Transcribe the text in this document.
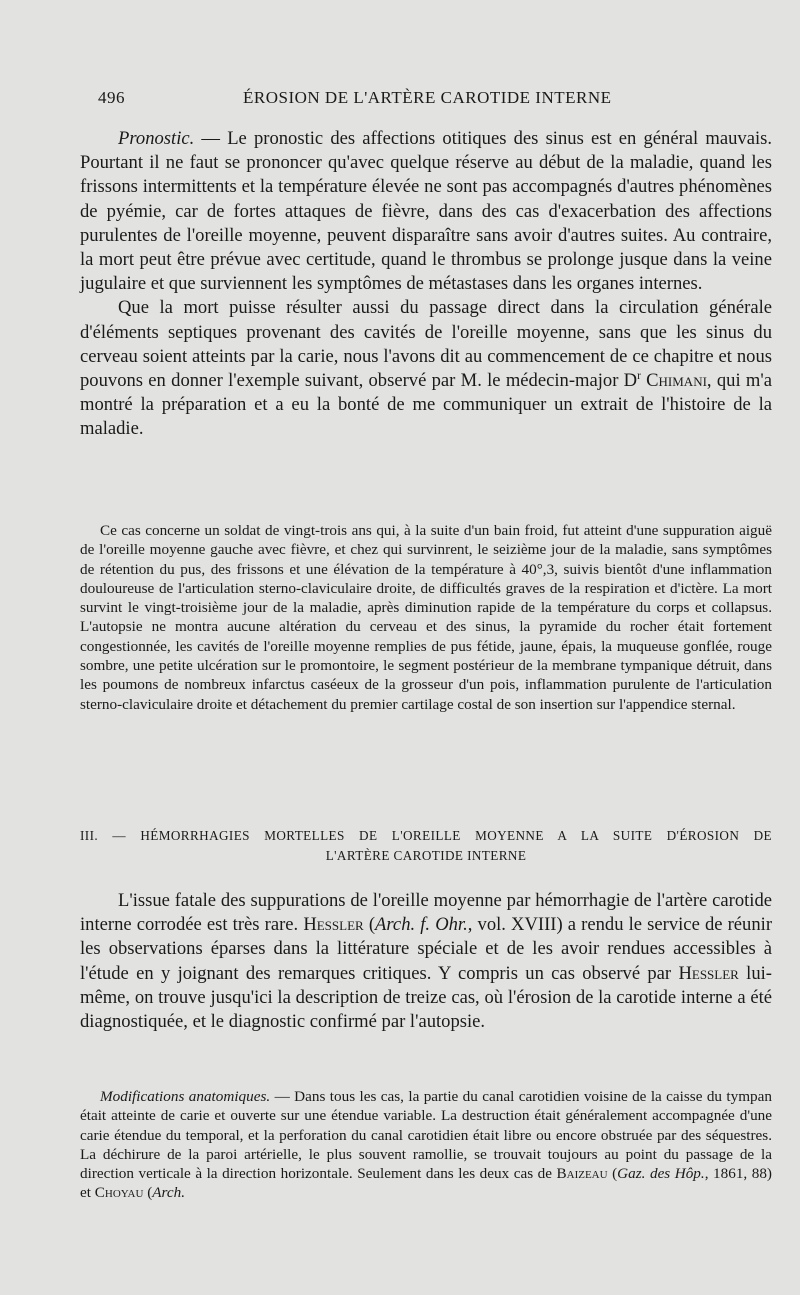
496	ÉROSION DE L'ARTÈRE CAROTIDE INTERNE

Pronostic. — Le pronostic des affections otitiques des sinus est en général mauvais. Pourtant il ne faut se prononcer qu'avec quelque réserve au début de la maladie, quand les frissons intermittents et la température élevée ne sont pas accompagnés d'autres phénomènes de pyémie, car de fortes attaques de fièvre, dans des cas d'exacerbation des affections purulentes de l'oreille moyenne, peuvent disparaître sans avoir d'autres suites. Au contraire, la mort peut être prévue avec certitude, quand le thrombus se prolonge jusque dans la veine jugulaire et que surviennent les symptômes de métastases dans les organes internes.

Que la mort puisse résulter aussi du passage direct dans la circulation générale d'éléments septiques provenant des cavités de l'oreille moyenne, sans que les sinus du cerveau soient atteints par la carie, nous l'avons dit au commencement de ce chapitre et nous pouvons en donner l'exemple suivant, observé par M. le médecin-major $D^r$ Chimani, qui m'a montré la préparation et a eu la bonté de me communiquer un extrait de l'histoire de la maladie.

Ce cas concerne un soldat de vingt-trois ans qui, à la suite d'un bain froid, fut atteint d'une suppuration aiguë de l'oreille moyenne gauche avec fièvre, et chez qui survinrent, le seizième jour de la maladie, sans symptômes de rétention du pus, des frissons et une élévation de la température à 40°,3, suivis bientôt d'une inflammation douloureuse de l'articulation sterno-claviculaire droite, de difficultés graves de la respiration et d'ictère. La mort survint le vingt-troisième jour de la maladie, après diminution rapide de la température du corps et collapsus. L'autopsie ne montra aucune altération du cerveau et des sinus, la pyramide du rocher était fortement congestionnée, les cavités de l'oreille moyenne remplies de pus fétide, jaune, épais, la muqueuse gonflée, rouge sombre, une petite ulcération sur le promontoire, le segment postérieur de la membrane tympanique détruit, dans les poumons de nombreux infarctus caséeux de la grosseur d'un pois, inflammation purulente de l'articulation sterno-claviculaire droite et détachement du premier cartilage costal de son insertion sur l'appendice sternal.

III. — HÉMORRHAGIES MORTELLES DE L'OREILLE MOYENNE A LA SUITE D'ÉROSION DE
L'ARTÈRE CAROTIDE INTERNE

L'issue fatale des suppurations de l'oreille moyenne par hémorrhagie de l'artère carotide interne corrodée est très rare. Hessler (Arch. f. Ohr., vol. XVIII) a rendu le service de réunir les observations éparses dans la littérature spéciale et de les avoir rendues accessibles à l'étude en y joignant des remarques critiques. Y compris un cas observé par Hessler lui-même, on trouve jusqu'ici la description de treize cas, où l'érosion de la carotide interne a été diagnostiquée, et le diagnostic confirmé par l'autopsie.

Modifications anatomiques. — Dans tous les cas, la partie du canal carotidien voisine de la caisse du tympan était atteinte de carie et ouverte sur une étendue variable. La destruction était généralement accompagnée d'une carie étendue du temporal, et la perforation du canal carotidien était libre ou encore obstruée par des séquestres. La déchirure de la paroi artérielle, le plus souvent ramollie, se trouvait toujours au point du passage de la direction verticale à la direction horizontale. Seulement dans les deux cas de Baizeau (Gaz. des Hôp., 1861, 88) et Choyau (Arch.
